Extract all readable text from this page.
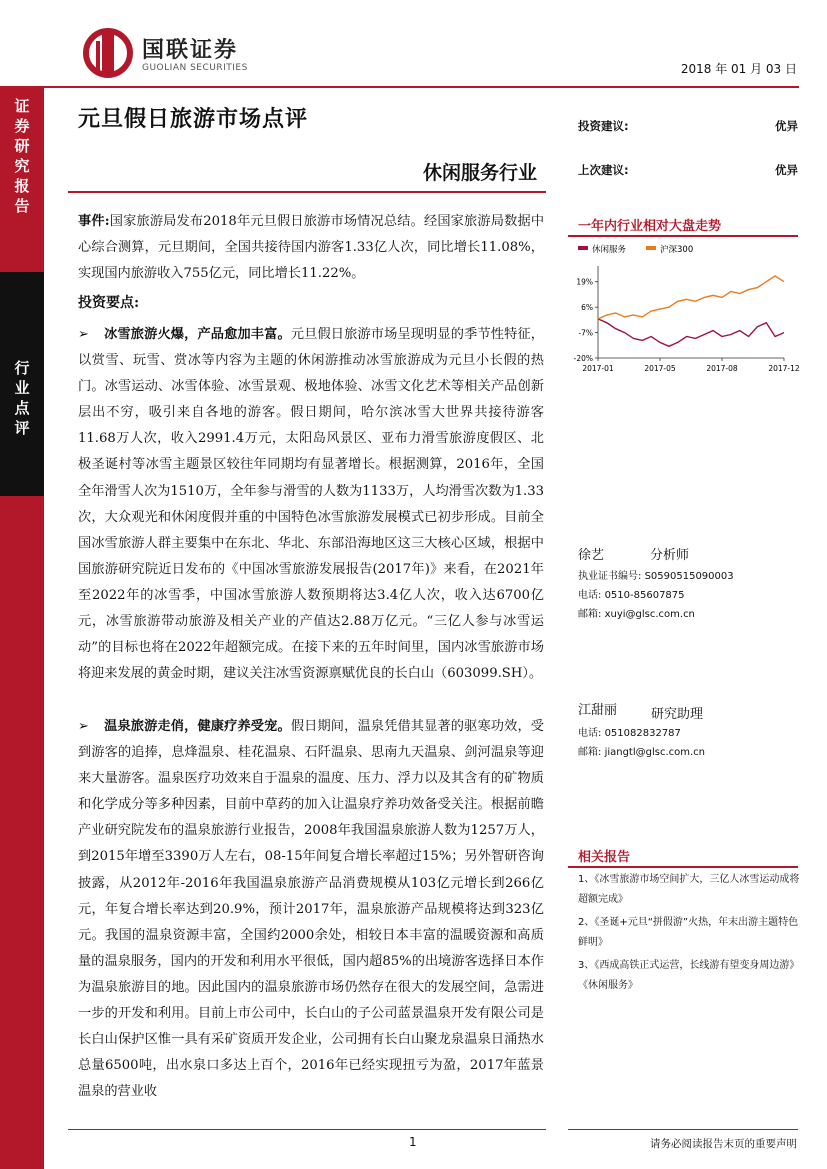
证券研究报告
行业点评
国联证券
GUOLIAN SECURITIES	2018 年 01 月 03 日
元旦假日旅游市场点评
休闲服务行业
投资建议:	优异
上次建议:	优异
一年内行业相对大盘走势
休闲服务	沪深300
19%
6%
-7%
-20%
2017-01	2017-05	2017-08	2017-12
徐艺	分析师
执业证书编号: S0590515090003
电话: 0510-85607875
邮箱: xuyi@glsc.com.cn
江甜丽	研究助理
电话: 051082832787
邮箱: jiangtl@glsc.com.cn
相关报告

1、《冰雪旅游市场空间扩大，三亿人冰雪运动成将超额完成》

2、《圣诞+元旦“拼假游”火热，年末出游主题特色鲜明》

3、《西成高铁正式运营，长线游有望变身周边游》《休闲服务》

事件:国家旅游局发布2018年元旦假日旅游市场情况总结。经国家旅游局数据中心综合测算，元旦期间，全国共接待国内游客1.33亿人次，同比增长11.08%，实现国内旅游收入755亿元，同比增长11.22%。

投资要点:

➢ 冰雪旅游火爆，产品愈加丰富。元旦假日旅游市场呈现明显的季节性特征，以赏雪、玩雪、赏冰等内容为主题的休闲游推动冰雪旅游成为元旦小长假的热门。冰雪运动、冰雪体验、冰雪景观、极地体验、冰雪文化艺术等相关产品创新层出不穷，吸引来自各地的游客。假日期间，哈尔滨冰雪大世界共接待游客11.68万人次，收入2991.4万元，太阳岛风景区、亚布力滑雪旅游度假区、北极圣诞村等冰雪主题景区较往年同期均有显著增长。根据测算，2016年，全国全年滑雪人次为1510万，全年参与滑雪的人数为1133万，人均滑雪次数为1.33次，大众观光和休闲度假并重的中国特色冰雪旅游发展模式已初步形成。目前全国冰雪旅游人群主要集中在东北、华北、东部沿海地区这三大核心区域，根据中国旅游研究院近日发布的《中国冰雪旅游发展报告(2017年)》来看，在2021年至2022年的冰雪季，中国冰雪旅游人数预期将达3.4亿人次，收入达6700亿元，冰雪旅游带动旅游及相关产业的产值达2.88万亿元。“三亿人参与冰雪运动”的目标也将在2022年超额完成。在接下来的五年时间里，国内冰雪旅游市场将迎来发展的黄金时期，建议关注冰雪资源禀赋优良的长白山（603099.SH）。

➢ 温泉旅游走俏，健康疗养受宠。假日期间，温泉凭借其显著的驱寒功效，受到游客的追捧，息烽温泉、桂花温泉、石阡温泉、思南九天温泉、剑河温泉等迎来大量游客。温泉医疗功效来自于温泉的温度、压力、浮力以及其含有的矿物质和化学成分等多种因素，目前中草药的加入让温泉疗养功效备受关注。根据前瞻产业研究院发布的温泉旅游行业报告，2008年我国温泉旅游人数为1257万人，到2015年增至3390万人左右，08-15年间复合增长率超过15%；另外智研咨询披露，从2012年-2016年我国温泉旅游产品消费规模从103亿元增长到266亿元，年复合增长率达到20.9%，预计2017年，温泉旅游产品规模将达到323亿元。我国的温泉资源丰富，全国约2000余处，相较日本丰富的温暖资源和高质量的温泉服务，国内的开发和利用水平很低，国内超85%的出境游客选择日本作为温泉旅游目的地。因此国内的温泉旅游市场仍然存在很大的发展空间，急需进一步的开发和利用。目前上市公司中，长白山的子公司蓝景温泉开发有限公司是长白山保护区惟一具有采矿资质开发企业，公司拥有长白山聚龙泉温泉日涌热水总量6500吨，出水泉口多达上百个，2016年已经实现扭亏为盈，2017年蓝景温泉的营业收

1	请务必阅读报告末页的重要声明
